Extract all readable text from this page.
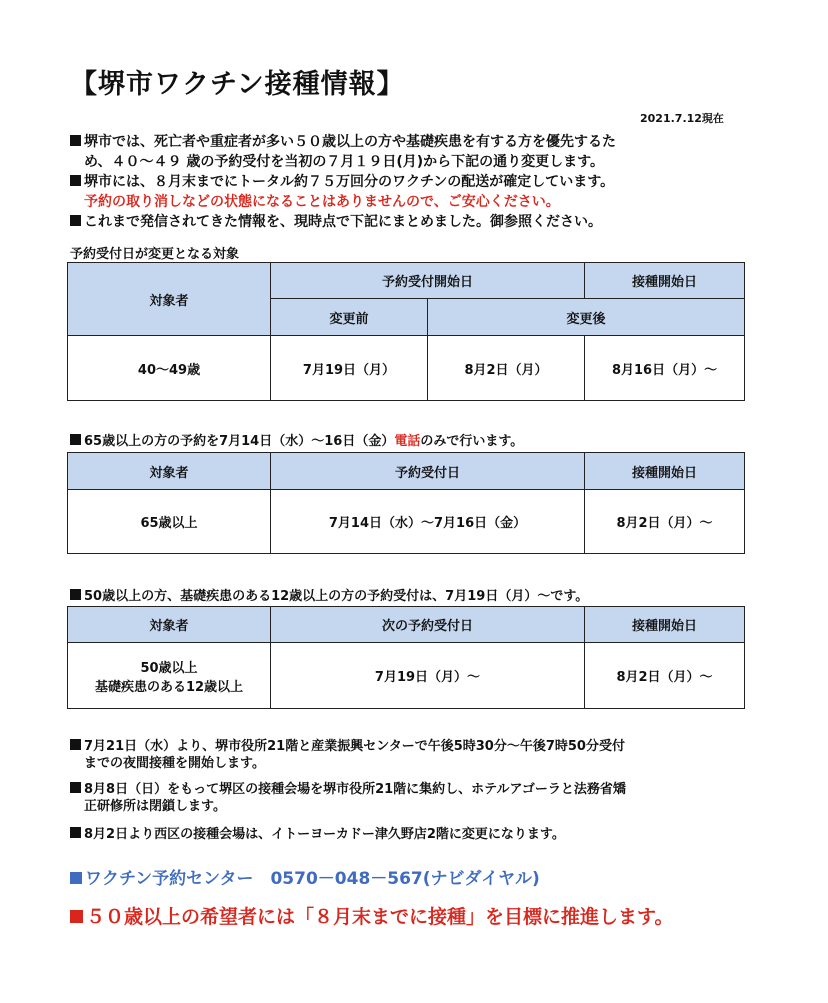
【堺市ワクチン接種情報】
2021.7.12現在
堺市では、死亡者や重症者が多い５０歳以上の方や基礎疾患を有する方を優先するた
め、４０～４９ 歳の予約受付を当初の７月１９日(月)から下記の通り変更します。
堺市には、８月末までにトータル約７５万回分のワクチンの配送が確定しています。
予約の取り消しなどの状態になることはありませんので、ご安心ください。
これまで発信されてきた情報を、現時点で下記にまとめました。御参照ください。
予約受付日が変更となる対象
対象者	予約受付開始日		接種開始日
	変更前	変更後	
40～49歳	7月19日（月）	8月2日（月）	8月16日（月）～
65歳以上の方の予約を7月14日（水）～16日（金）電話のみで行います。
対象者	予約受付日	接種開始日
65歳以上	7月14日（水）～7月16日（金）	8月2日（月）～
50歳以上の方、基礎疾患のある12歳以上の方の予約受付は、7月19日（月）～です。
対象者	次の予約受付日	接種開始日

50歳以上
基礎疾患のある12歳以上	7月19日（月）～	8月2日（月）～
7月21日（水）より、堺市役所21階と産業振興センターで午後5時30分～午後7時50分受付
までの夜間接種を開始します。
8月8日（日）をもって堺区の接種会場を堺市役所21階に集約し、ホテルアゴーラと法務省矯
正研修所は閉鎖します。
8月2日より西区の接種会場は、イトーヨーカドー津久野店2階に変更になります。
ワクチン予約センター　0570－048－567(ナビダイヤル)
５０歳以上の希望者には「８月末までに接種」を目標に推進します。
